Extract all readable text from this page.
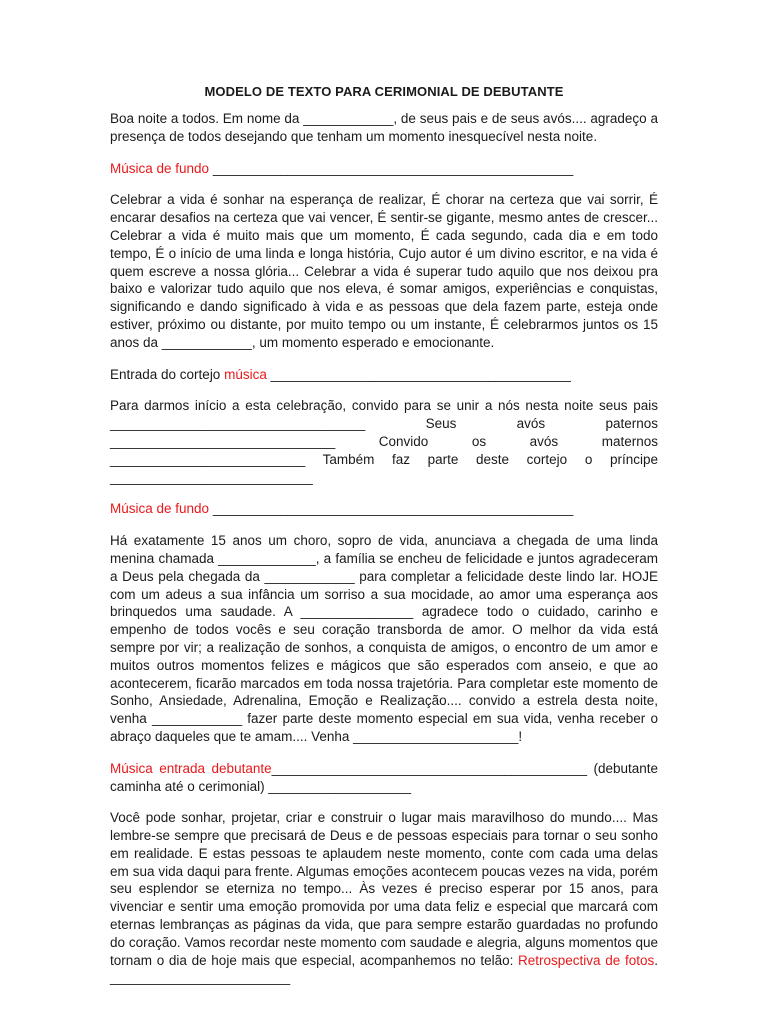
MODELO DE TEXTO PARA CERIMONIAL DE DEBUTANTE

Boa noite a todos. Em nome da ____________, de seus pais e de seus avós.... agradeço a presença de todos desejando que tenham um momento inesquecível nesta noite.

Música de fundo ________________________________________________

Celebrar a vida é sonhar na esperança de realizar, É chorar na certeza que vai sorrir, É encarar desafios na certeza que vai vencer, É sentir-se gigante, mesmo antes de crescer... Celebrar a vida é muito mais que um momento, É cada segundo, cada dia e em todo tempo, É o início de uma linda e longa história, Cujo autor é um divino escritor, e na vida é quem escreve a nossa glória... Celebrar a vida é superar tudo aquilo que nos deixou pra baixo e valorizar tudo aquilo que nos eleva, é somar amigos, experiências e conquistas, significando e dando significado à vida e as pessoas que dela fazem parte, esteja onde estiver, próximo ou distante, por muito tempo ou um instante, É celebrarmos juntos os 15 anos da ____________, um momento esperado e emocionante.

Entrada do cortejo música ________________________________________

Para darmos início a esta celebração, convido para se unir a nós nesta noite seus pais __________________________________ Seus avós paternos ______________________________ Convido os avós maternos __________________________ Também faz parte deste cortejo o príncipe ___________________________

Música de fundo ________________________________________________

Há exatamente 15 anos um choro, sopro de vida, anunciava a chegada de uma linda menina chamada _____________, a família se encheu de felicidade e juntos agradeceram a Deus pela chegada da ____________ para completar a felicidade deste lindo lar. HOJE com um adeus a sua infância um sorriso a sua mocidade, ao amor uma esperança aos brinquedos uma saudade. A _______________ agradece todo o cuidado, carinho e empenho de todos vocês e seu coração transborda de amor. O melhor da vida está sempre por vir; a realização de sonhos, a conquista de amigos, o encontro de um amor e muitos outros momentos felizes e mágicos que são esperados com anseio, e que ao acontecerem, ficarão marcados em toda nossa trajetória. Para completar este momento de Sonho, Ansiedade, Adrenalina, Emoção e Realização.... convido a estrela desta noite, venha ____________ fazer parte deste momento especial em sua vida, venha receber o abraço daqueles que te amam.... Venha ______________________!

Música entrada debutante__________________________________________ (debutante caminha até o cerimonial) ___________________

Você pode sonhar, projetar, criar e construir o lugar mais maravilhoso do mundo.... Mas lembre-se sempre que precisará de Deus e de pessoas especiais para tornar o seu sonho em realidade. E estas pessoas te aplaudem neste momento, conte com cada uma delas em sua vida daqui para frente. Algumas emoções acontecem poucas vezes na vida, porém seu esplendor se eterniza no tempo... Às vezes é preciso esperar por 15 anos, para vivenciar e sentir uma emoção promovida por uma data feliz e especial que marcará com eternas lembranças as páginas da vida, que para sempre estarão guardadas no profundo do coração. Vamos recordar neste momento com saudade e alegria, alguns momentos que tornam o dia de hoje mais que especial, acompanhemos no telão: Retrospectiva de fotos. ________________________
